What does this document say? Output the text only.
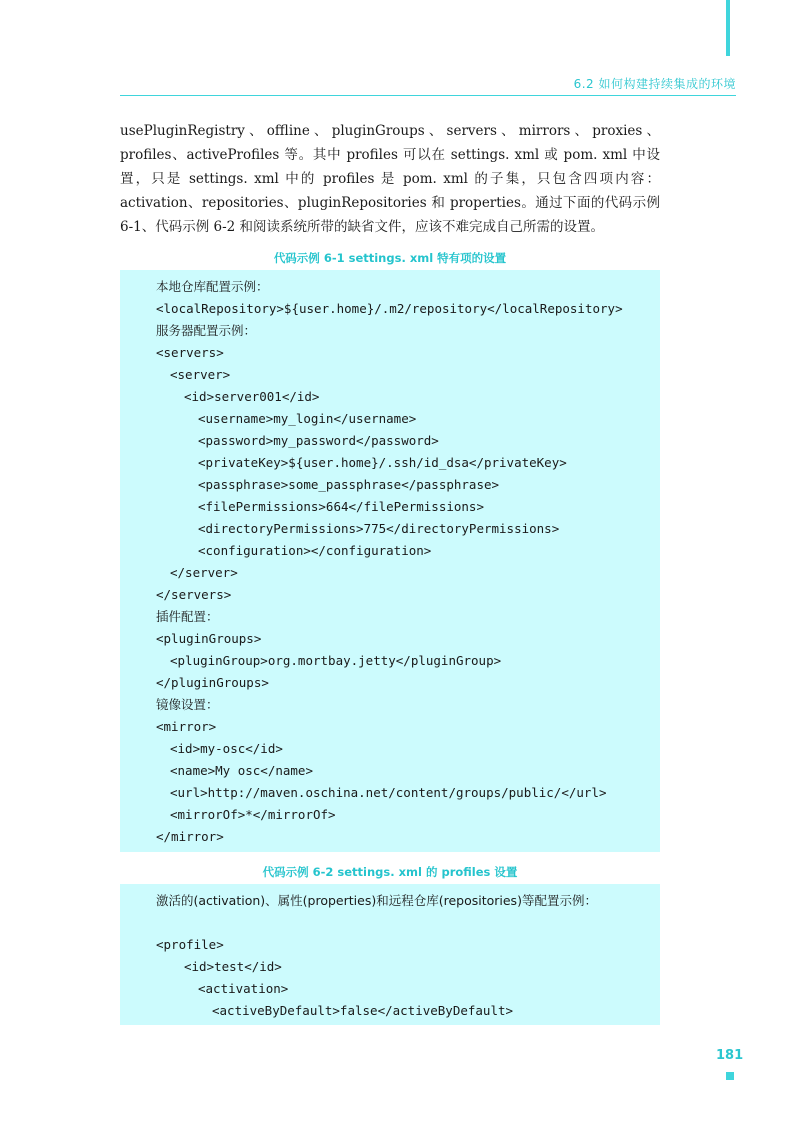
6.2 如何构建持续集成的环境

usePluginRegistry、offline、pluginGroups、servers、mirrors、proxies、profiles、activeProfiles 等。其中 profiles 可以在 settings. xml 或 pom. xml 中设置，只是 settings. xml 中的 profiles 是 pom. xml 的子集，只包含四项内容：activation、repositories、pluginRepositories 和 properties。通过下面的代码示例 6-1、代码示例 6-2 和阅读系统所带的缺省文件，应该不难完成自己所需的设置。

代码示例 6-1 settings. xml 特有项的设置
本地仓库配置示例：
<localRepository>${user.home}/.m2/repository</localRepository>
服务器配置示例：
<servers>
<server>
<id>server001</id>
<username>my_login</username>
<password>my_password</password>
<privateKey>${user.home}/.ssh/id_dsa</privateKey>
<passphrase>some_passphrase</passphrase>
<filePermissions>664</filePermissions>
<directoryPermissions>775</directoryPermissions>
<configuration></configuration>
</server>
</servers>
插件配置：
<pluginGroups>
<pluginGroup>org.mortbay.jetty</pluginGroup>
</pluginGroups>
镜像设置：
<mirror>
<id>my-osc</id>
<name>My osc</name>
<url>http://maven.oschina.net/content/groups/public/</url>
<mirrorOf>*</mirrorOf>
</mirror>
代码示例 6-2 settings. xml 的 profiles 设置

激活的(activation)、属性(properties)和远程仓库(repositories)等配置示例：

<profile>
<id>test</id>
<activation>
<activeByDefault>false</activeByDefault>
181
